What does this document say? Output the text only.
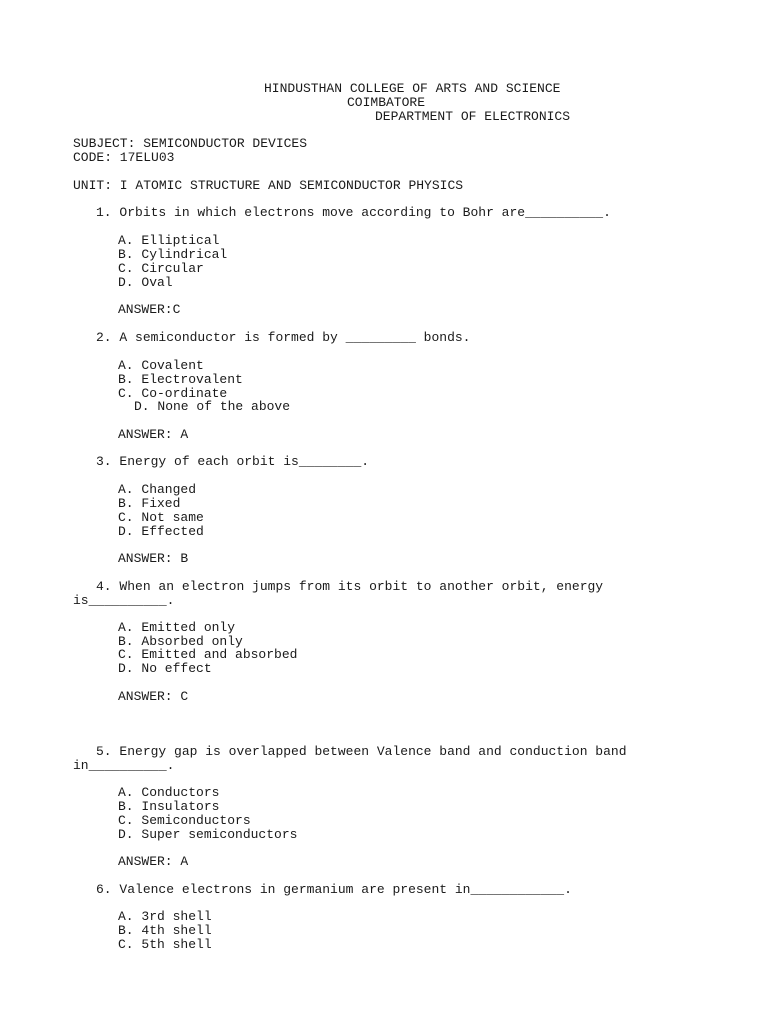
HINDUSTHAN COLLEGE OF ARTS AND SCIENCE
COIMBATORE
DEPARTMENT OF ELECTRONICS
SUBJECT: SEMICONDUCTOR DEVICES
CODE: 17ELU03
UNIT: I ATOMIC STRUCTURE AND SEMICONDUCTOR PHYSICS
1. Orbits in which electrons move according to Bohr are__________.
A. Elliptical
B. Cylindrical
C. Circular
D. Oval
ANSWER:C
2. A semiconductor is formed by _________ bonds.
A. Covalent
B. Electrovalent
C. Co-ordinate
D. None of the above
ANSWER: A
3. Energy of each orbit is________.
A. Changed
B. Fixed
C. Not same
D. Effected
ANSWER: B
4. When an electron jumps from its orbit to another orbit, energy
is__________.
A. Emitted only
B. Absorbed only
C. Emitted and absorbed
D. No effect
ANSWER: C
5. Energy gap is overlapped between Valence band and conduction band
in__________.
A. Conductors
B. Insulators
C. Semiconductors
D. Super semiconductors
ANSWER: A
6. Valence electrons in germanium are present in____________.
A. 3rd shell
B. 4th shell
C. 5th shell
